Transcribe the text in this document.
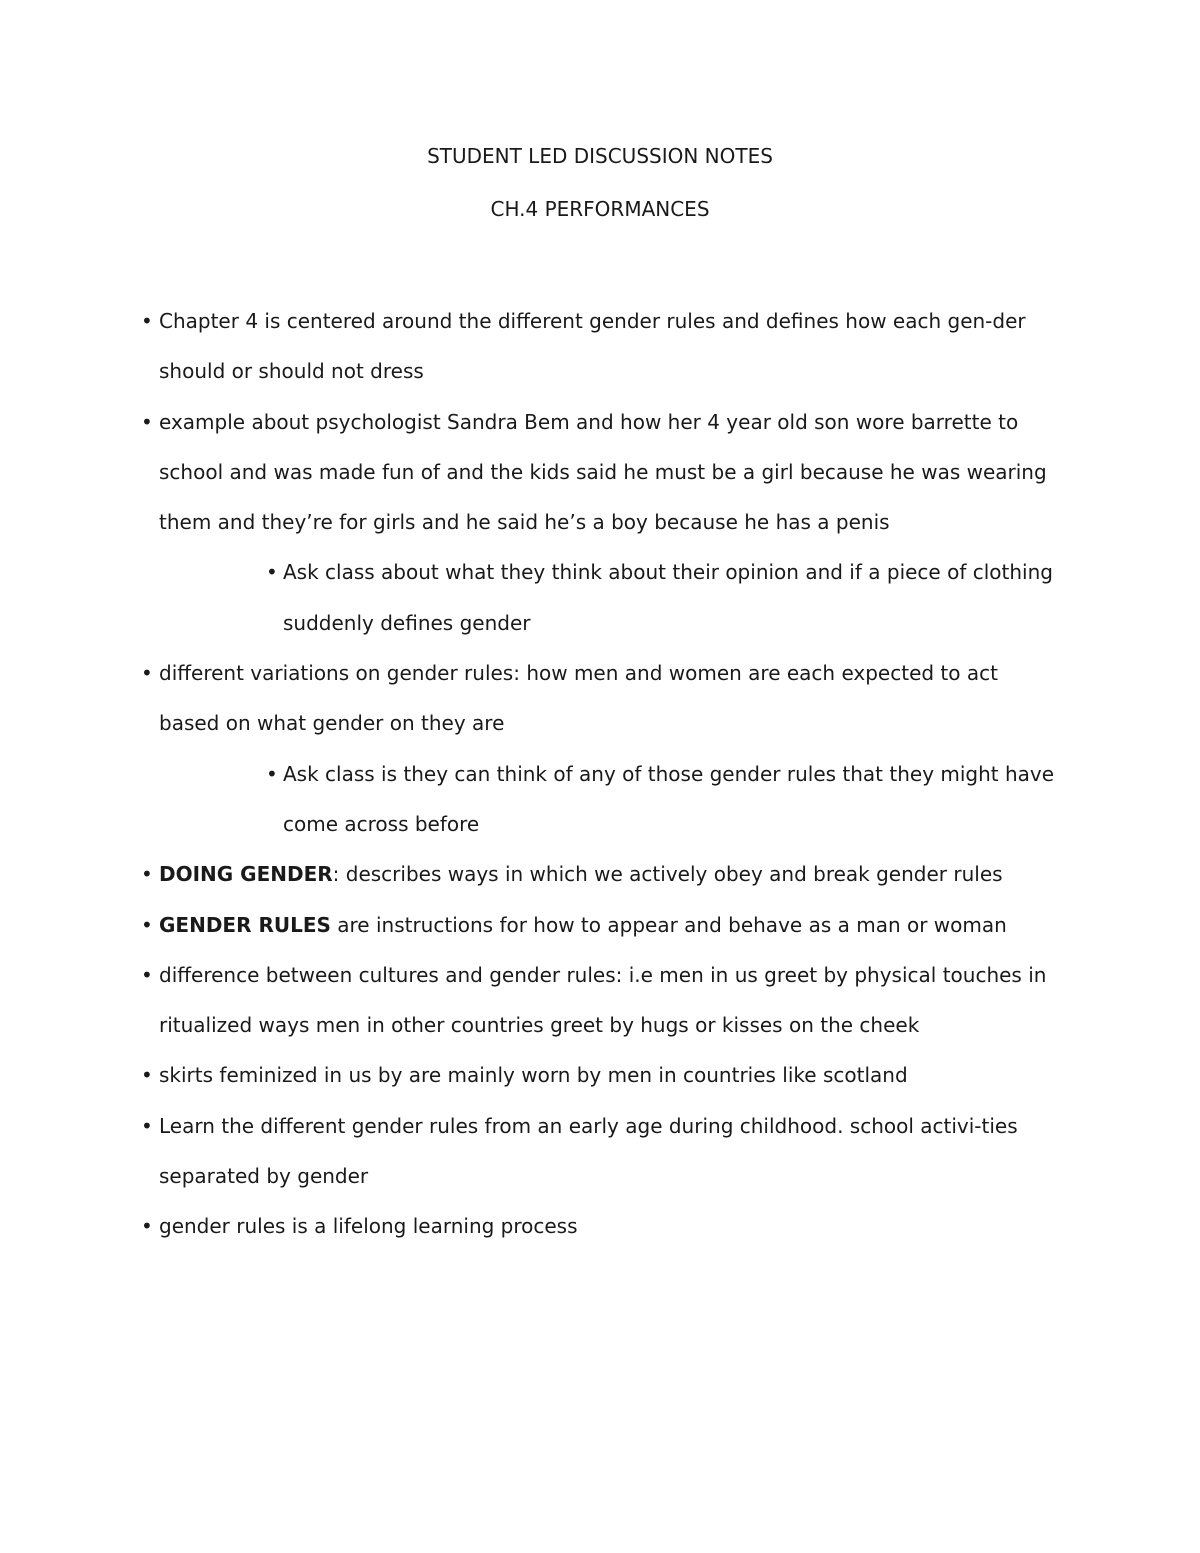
STUDENT LED DISCUSSION NOTES
CH.4 PERFORMANCES
• Chapter 4 is centered around the different gender rules and defines how each gen-der should or should not dress
• example about psychologist Sandra Bem and how her 4 year old son wore barrette to school and was made fun of and the kids said he must be a girl because he was wearing them and they’re for girls and he said he’s a boy because he has a penis
• Ask class about what they think about their opinion and if a piece of clothing suddenly defines gender
• different variations on gender rules: how men and women are each expected to act based on what gender on they are
• Ask class is they can think of any of those gender rules that they might have come across before
• DOING GENDER: describes ways in which we actively obey and break gender rules
• GENDER RULES are instructions for how to appear and behave as a man or woman
• difference between cultures and gender rules: i.e men in us greet by physical touches in ritualized ways men in other countries greet by hugs or kisses on the cheek
• skirts feminized in us by are mainly worn by men in countries like scotland
• Learn the different gender rules from an early age during childhood. school activi-ties separated by gender
• gender rules is a lifelong learning process
